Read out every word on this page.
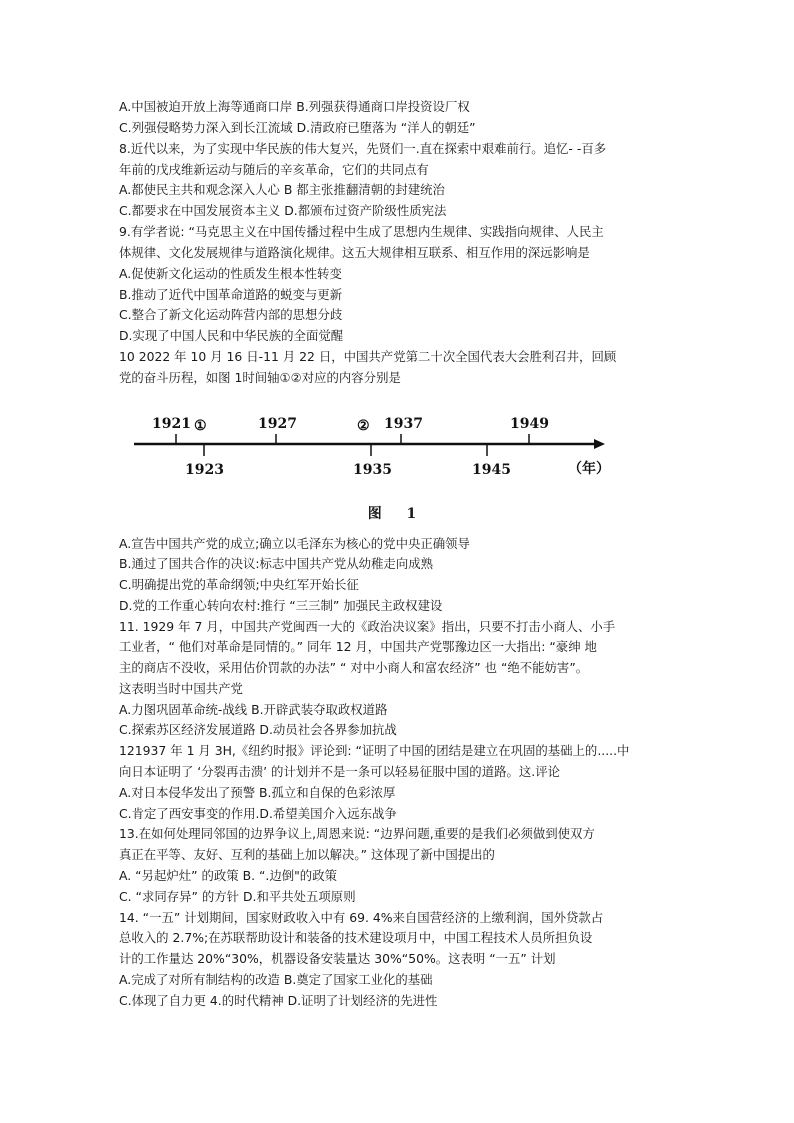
A.中国被迫开放上海等通商口岸 B.列强获得通商口岸投资设厂权
C.列强侵略势力深入到长江流域 D.清政府已堕落为 “洋人的朝廷”
8.近代以来，为了实现中华民族的伟大复兴，先贤们一.直在探索中艰难前行。追忆- -百多
年前的戊戌维新运动与随后的辛亥革命，它们的共同点有
A.都使民主共和观念深入人心 B 都主张推翻清朝的封建统治
C.都要求在中国发展资本主义 D.都颁布过资产阶级性质宪法
9.有学者说: “马克思主义在中国传播过程中生成了思想内生规律、实践指向规律、人民主
体规律、文化发展规律与道路演化规律。这五大规律相互联系、相互作用的深远影响是
A.促使新文化运动的性质发生根本性转变
B.推动了近代中国革命道路的蜕变与更新
C.整合了新文化运动阵营内部的思想分歧
D.实现了中国人民和中华民族的全面觉醒
10 2022 年 10 月 16 日-11 月 22 日，中国共产党第二十次全国代表大会胜利召井，回顾
党的奋斗历程，如图 1时间轴①②对应的内容分别是
1921 ①	1927	② 1937	1949
1923	1935	1945	（年）
图 1
A.宣告中国共产党的成立;确立以毛泽东为核心的党中央正确领导
B.通过了国共合作的决议:标志中国共产党从幼稚走向成熟
C.明确提出党的革命纲领;中央红军开始长征
D.党的工作重心转向农村:推行 “三三制” 加强民主政权建设
11. 1929 年 7 月，中国共产党闽西一大的《政治决议案》指出，只要不打击小商人、小手
工业者，“ 他们对革命是同情的。” 同年 12 月，中国共产党鄂豫边区一大指出: “豪绅 地
主的商店不没收，采用估价罚款的办法” “ 对中小商人和富农经济” 也 “绝不能妨害”。
这表明当时中国共产党
A.力图巩固革命统-战线 B.开辟武装夺取政权道路
C.探索苏区经济发展道路 D.动员社会各界参加抗战
121937 年 1 月 3H,《纽约时报》评论到: “证明了中国的团结是建立在巩固的基础上的.....中
向日本证明了 ‘分裂再击溃’ 的计划并不是一条可以轻易征服中国的道路。这.评论
A.对日本侵华发出了预警 B.孤立和自保的色彩浓厚
C.肯定了西安事变的作用.D.希望美国介入远东战争
13.在如何处理同邻国的边界争议上,周恩来说: “边界问题,重要的是我们必须做到使双方
真正在平等、友好、互利的基础上加以解决。” 这体现了新中国提出的
A. “另起炉灶” 的政策 B. “.边倒"的政策
C. “求同存异” 的方针 D.和平共处五项原则
14. “一五” 计划期间，国家财政收入中有 69. 4%来自国营经济的上缴利润，国外贷款占
总收入的 2.7%;在苏联帮助设计和装备的技术建设项月中，中国工程技术人员所担负设
计的工作量达 20%“30%，机器设备安装量达 30%“50%。这表明 “一五” 计划
A.完成了对所有制结构的改造 B.奠定了国家工业化的基础
C.体现了自力更 4.的时代精神 D.证明了计划经济的先进性
